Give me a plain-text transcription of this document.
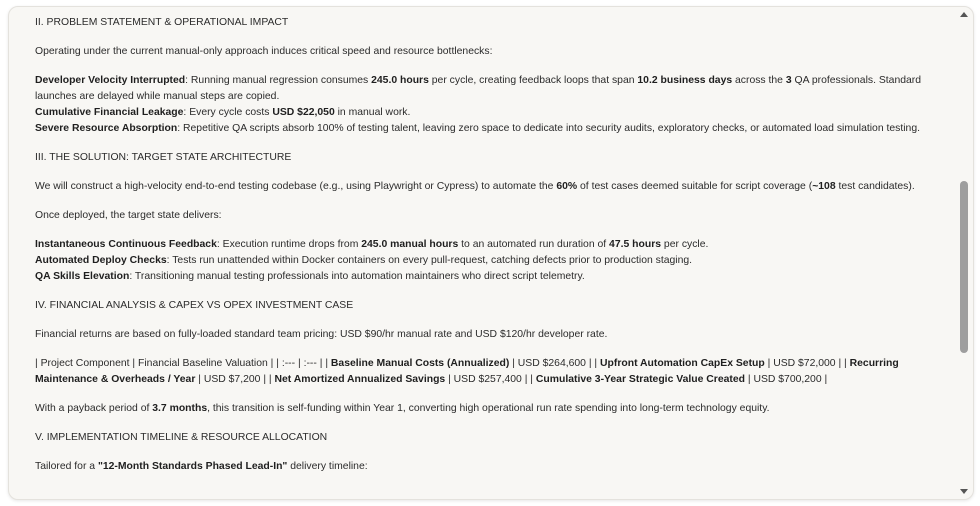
II. PROBLEM STATEMENT & OPERATIONAL IMPACT

Operating under the current manual-only approach induces critical speed and resource bottlenecks:

Developer Velocity Interrupted: Running manual regression consumes 245.0 hours per cycle, creating feedback loops that span 10.2 business days across the 3 QA professionals. Standard launches are delayed while manual steps are copied.

Cumulative Financial Leakage: Every cycle costs USD $22,050 in manual work.

Severe Resource Absorption: Repetitive QA scripts absorb 100% of testing talent, leaving zero space to dedicate into security audits, exploratory checks, or automated load simulation testing.

III. THE SOLUTION: TARGET STATE ARCHITECTURE

We will construct a high-velocity end-to-end testing codebase (e.g., using Playwright or Cypress) to automate the 60% of test cases deemed suitable for script coverage (~108 test candidates).

Once deployed, the target state delivers:

Instantaneous Continuous Feedback: Execution runtime drops from 245.0 manual hours to an automated run duration of 47.5 hours per cycle.

Automated Deploy Checks: Tests run unattended within Docker containers on every pull-request, catching defects prior to production staging.

QA Skills Elevation: Transitioning manual testing professionals into automation maintainers who direct script telemetry.

IV. FINANCIAL ANALYSIS & CAPEX VS OPEX INVESTMENT CASE

Financial returns are based on fully-loaded standard team pricing: USD $90/hr manual rate and USD $120/hr developer rate.

| Project Component | Financial Baseline Valuation | | :--- | :--- | | Baseline Manual Costs (Annualized) | USD $264,600 | | Upfront Automation CapEx Setup | USD $72,000 | | Recurring Maintenance & Overheads / Year | USD $7,200 | | Net Amortized Annualized Savings | USD $257,400 | | Cumulative 3-Year Strategic Value Created | USD $700,200 |

With a payback period of 3.7 months, this transition is self-funding within Year 1, converting high operational run rate spending into long-term technology equity.

V. IMPLEMENTATION TIMELINE & RESOURCE ALLOCATION

Tailored for a "12-Month Standards Phased Lead-In" delivery timeline:
